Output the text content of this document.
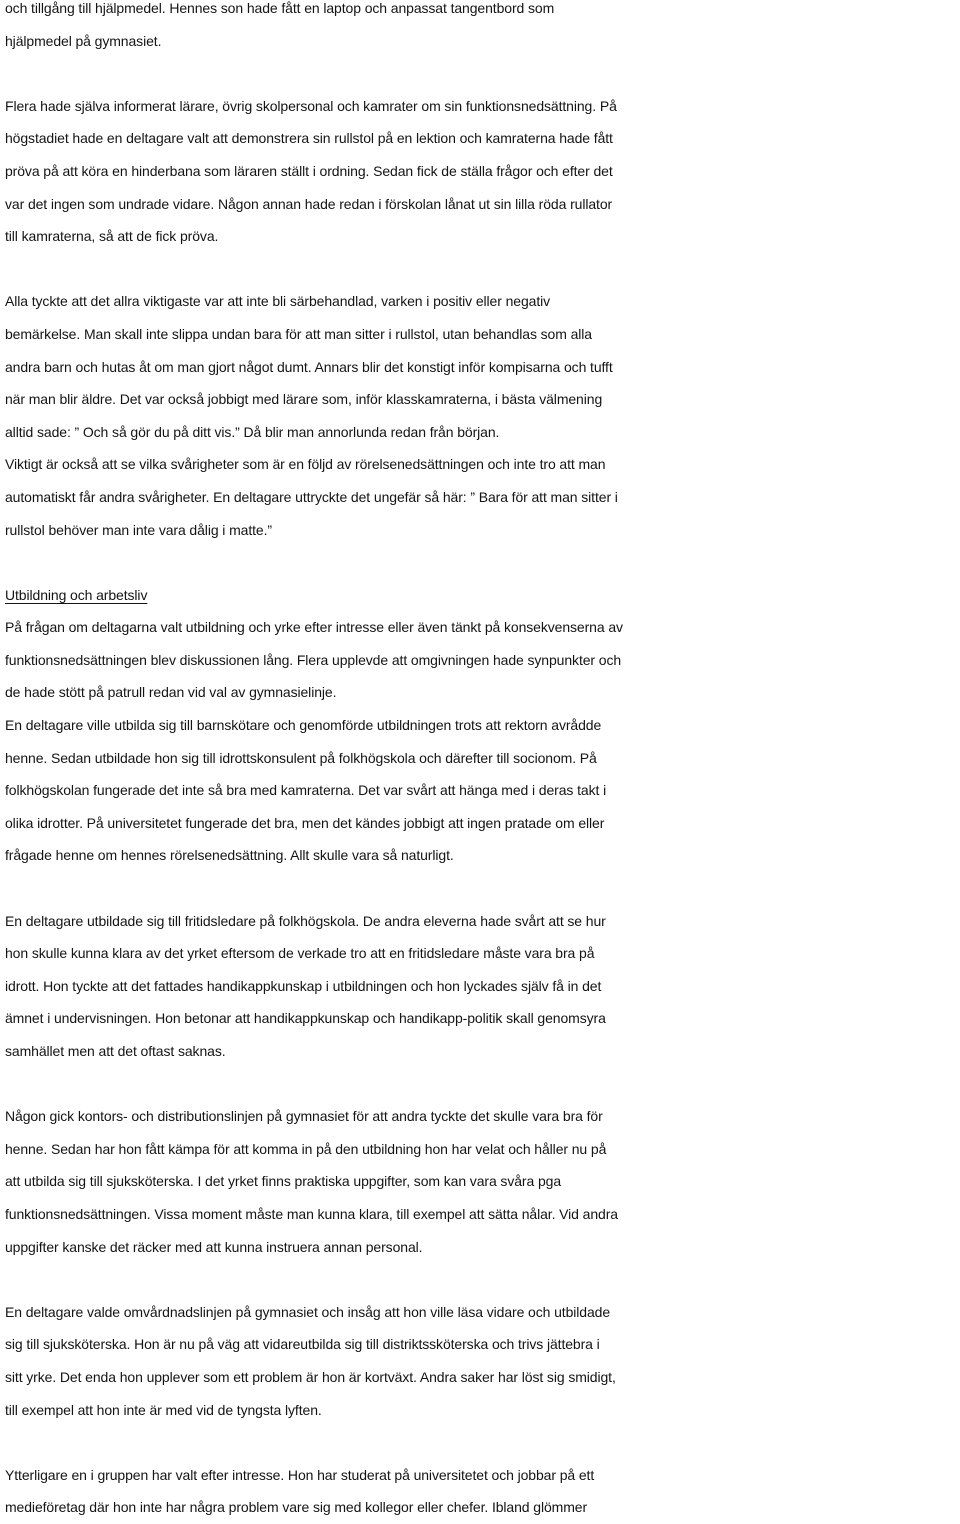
och tillgång till hjälpmedel. Hennes son hade fått en laptop och anpassat tangentbord som
hjälpmedel på gymnasiet.
Flera hade själva informerat lärare, övrig skolpersonal och kamrater om sin funktionsnedsättning. På
högstadiet hade en deltagare valt att demonstrera sin rullstol på en lektion och kamraterna hade fått
pröva på att köra en hinderbana som läraren ställt i ordning. Sedan fick de ställa frågor och efter det
var det ingen som undrade vidare. Någon annan hade redan i förskolan lånat ut sin lilla röda rullator
till kamraterna, så att de fick pröva.
Alla tyckte att det allra viktigaste var att inte bli särbehandlad, varken i positiv eller negativ
bemärkelse. Man skall inte slippa undan bara för att man sitter i rullstol, utan behandlas som alla
andra barn och hutas åt om man gjort något dumt. Annars blir det konstigt inför kompisarna och tufft
när man blir äldre. Det var också jobbigt med lärare som, inför klasskamraterna, i bästa välmening
alltid sade: ” Och så gör du på ditt vis.” Då blir man annorlunda redan från början.
Viktigt är också att se vilka svårigheter som är en följd av rörelsenedsättningen och inte tro att man
automatiskt får andra svårigheter. En deltagare uttryckte det ungefär så här: ” Bara för att man sitter i
rullstol behöver man inte vara dålig i matte.”
Utbildning och arbetsliv
På frågan om deltagarna valt utbildning och yrke efter intresse eller även tänkt på konsekvenserna av
funktionsnedsättningen blev diskussionen lång. Flera upplevde att omgivningen hade synpunkter och
de hade stött på patrull redan vid val av gymnasielinje.
En deltagare ville utbilda sig till barnskötare och genomförde utbildningen trots att rektorn avrådde
henne. Sedan utbildade hon sig till idrottskonsulent på folkhögskola och därefter till socionom. På
folkhögskolan fungerade det inte så bra med kamraterna. Det var svårt att hänga med i deras takt i
olika idrotter. På universitetet fungerade det bra, men det kändes jobbigt att ingen pratade om eller
frågade henne om hennes rörelsenedsättning. Allt skulle vara så naturligt.
En deltagare utbildade sig till fritidsledare på folkhögskola. De andra eleverna hade svårt att se hur
hon skulle kunna klara av det yrket eftersom de verkade tro att en fritidsledare måste vara bra på
idrott. Hon tyckte att det fattades handikappkunskap i utbildningen och hon lyckades själv få in det
ämnet i undervisningen. Hon betonar att handikappkunskap och handikapp-politik skall genomsyra
samhället men att det oftast saknas.
Någon gick kontors- och distributionslinjen på gymnasiet för att andra tyckte det skulle vara bra för
henne. Sedan har hon fått kämpa för att komma in på den utbildning hon har velat och håller nu på
att utbilda sig till sjuksköterska. I det yrket finns praktiska uppgifter, som kan vara svåra pga
funktionsnedsättningen. Vissa moment måste man kunna klara, till exempel att sätta nålar. Vid andra
uppgifter kanske det räcker med att kunna instruera annan personal.
En deltagare valde omvårdnadslinjen på gymnasiet och insåg att hon ville läsa vidare och utbildade
sig till sjuksköterska. Hon är nu på väg att vidareutbilda sig till distriktssköterska och trivs jättebra i
sitt yrke. Det enda hon upplever som ett problem är hon är kortväxt. Andra saker har löst sig smidigt,
till exempel att hon inte är med vid de tyngsta lyften.
Ytterligare en i gruppen har valt efter intresse. Hon har studerat på universitetet och jobbar på ett
medieföretag där hon inte har några problem vare sig med kollegor eller chefer. Ibland glömmer
